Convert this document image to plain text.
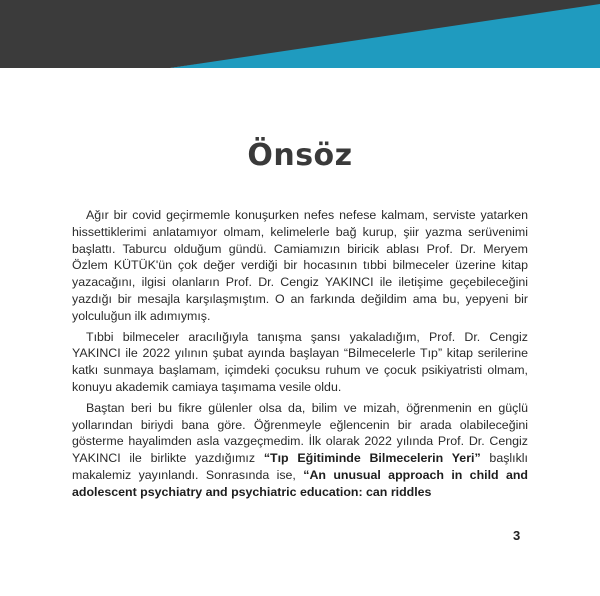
Önsöz

Ağır bir covid geçirmemle konuşurken nefes nefese kalmam, serviste yatarken hissettiklerimi anlatamıyor olmam, kelimelerle bağ kurup, şiir yazma serüvenimi başlattı. Taburcu olduğum gündü. Camiamızın biricik ablası Prof. Dr. Meryem Özlem KÜTÜK'ün çok değer verdiği bir hocasının tıbbi bilmeceler üzerine kitap yazacağını, ilgisi olanların Prof. Dr. Cengiz YAKINCI ile iletişime geçebileceğini yazdığı bir mesajla karşılaşmıştım. O an farkında değildim ama bu, yepyeni bir yolculuğun ilk adımıymış.

Tıbbi bilmeceler aracılığıyla tanışma şansı yakaladığım, Prof. Dr. Cengiz YAKINCI ile 2022 yılının şubat ayında başlayan “Bilmecelerle Tıp” kitap serilerine katkı sunmaya başlamam, içimdeki çocuksu ruhum ve çocuk psikiyatristi olmam, konuyu akademik camiaya taşımama vesile oldu.

Baştan beri bu fikre gülenler olsa da, bilim ve mizah, öğrenmenin en güçlü yollarından biriydi bana göre. Öğrenmeyle eğlencenin bir arada olabileceğini gösterme hayalimden asla vazgeçmedim. İlk olarak 2022 yılında Prof. Dr. Cengiz YAKINCI ile birlikte yazdığımız “Tıp Eğitiminde Bilmecelerin Yeri” başlıklı makalemiz yayınlandı. Sonrasında ise, “An unusual approach in child and adolescent psychiatry and psychiatric education: can riddles

3
